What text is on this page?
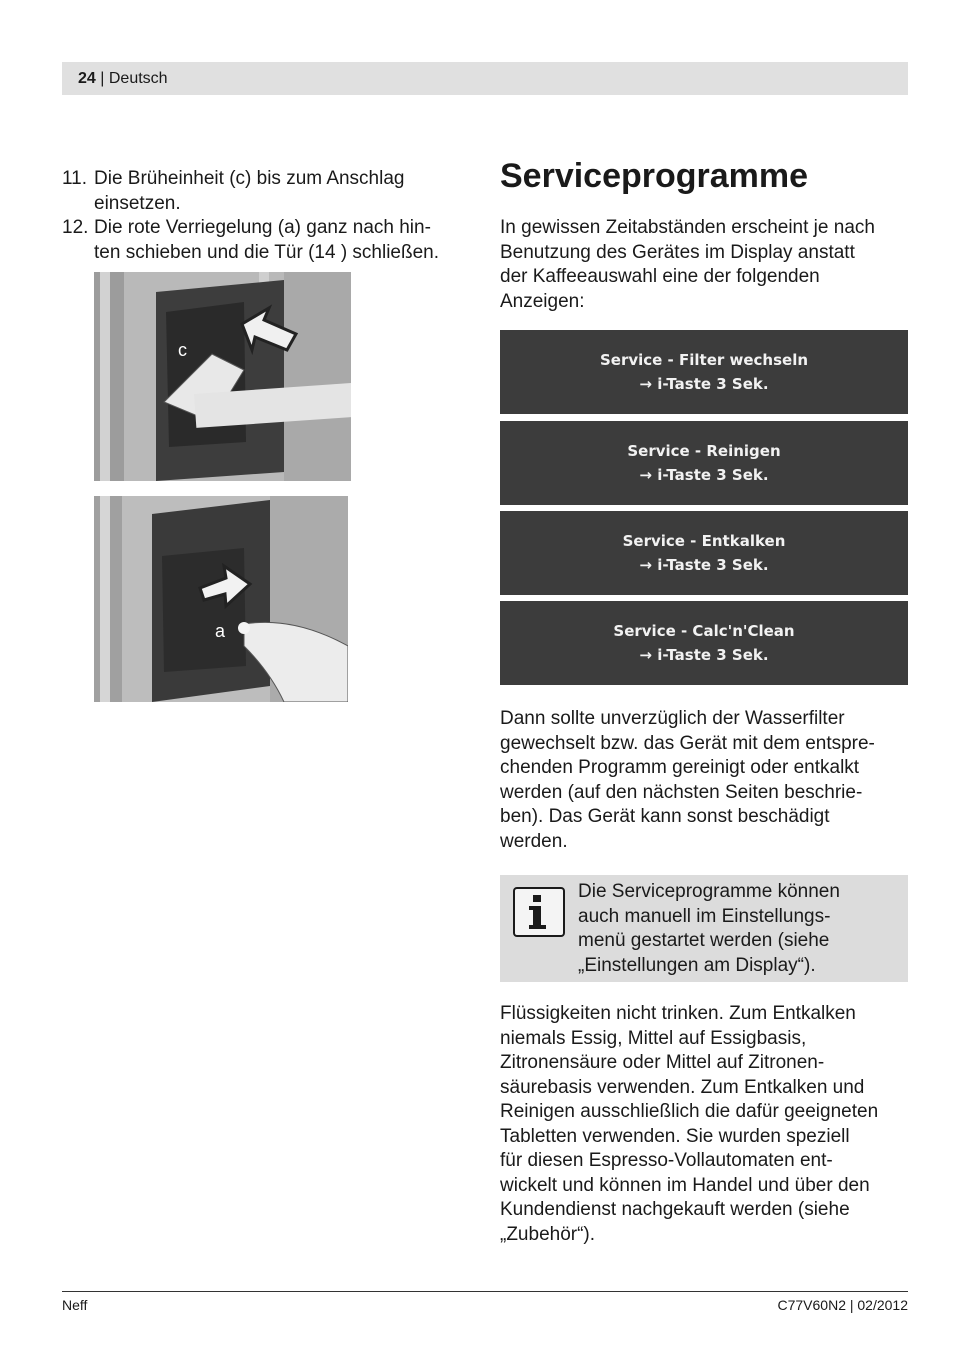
24 | Deutsch
11. Die Brüheinheit (c) bis zum Anschlag
einsetzen.
12. Die rote Verriegelung (a) ganz nach hin-
ten schieben und die Tür (14 ) schließen.
c
a
Serviceprogramme
In gewissen Zeitabständen erscheint je nach
Benutzung des Gerätes im Display anstatt
der Kaffeeauswahl eine der folgenden
Anzeigen:
Service - Filter wechseln
→ i-Taste 3 Sek.
Service - Reinigen
→ i-Taste 3 Sek.
Service - Entkalken
→ i-Taste 3 Sek.
Service - Calc'n'Clean
→ i-Taste 3 Sek.
Dann sollte unverzüglich der Wasserfilter
gewechselt bzw. das Gerät mit dem entspre-
chenden Programm gereinigt oder entkalkt
werden (auf den nächsten Seiten beschrie-
ben). Das Gerät kann sonst beschädigt
werden.
Die Serviceprogramme können
auch manuell im Einstellungs-
menü gestartet werden (siehe
„Einstellungen am Display“).
Flüssigkeiten nicht trinken. Zum Entkalken
niemals Essig, Mittel auf Essigbasis,
Zitronensäure oder Mittel auf Zitronen-
säurebasis verwenden. Zum Entkalken und
Reinigen ausschließlich die dafür geeigneten
Tabletten verwenden. Sie wurden speziell
für diesen Espresso-Vollautomaten ent-
wickelt und können im Handel und über den
Kundendienst nachgekauft werden (siehe
„Zubehör“).
Neff	C77V60N2 | 02/2012
